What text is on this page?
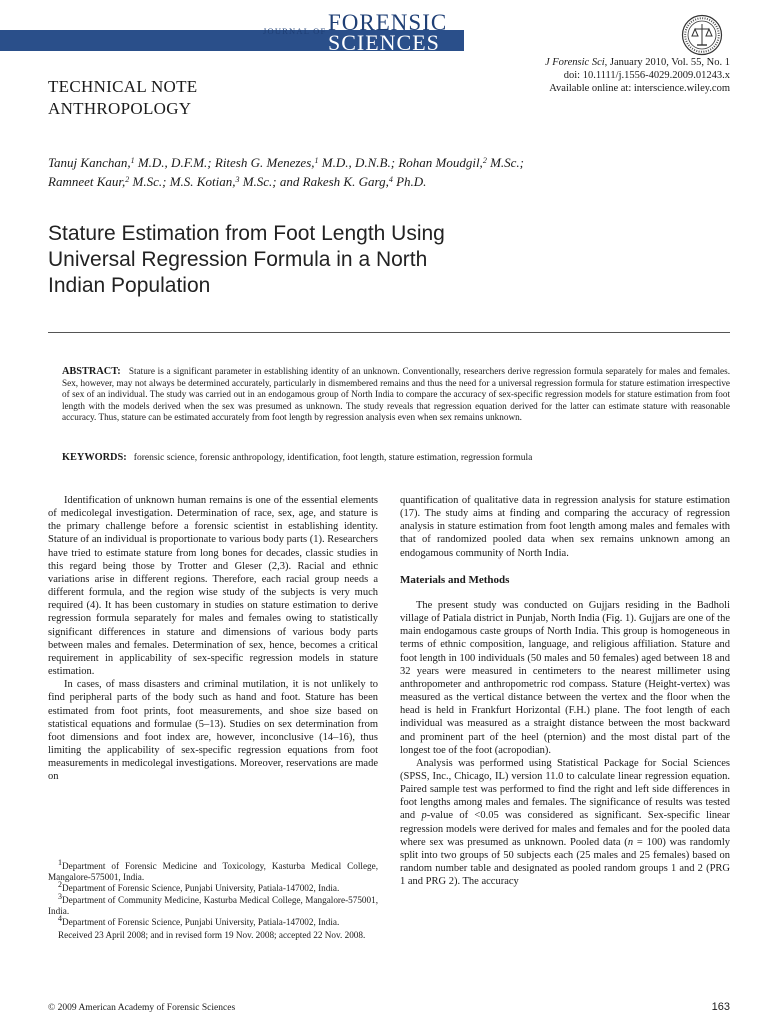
JOURNAL OF FORENSIC
SCIENCES
J Forensic Sci, January 2010, Vol. 55, No. 1
doi: 10.1111/j.1556-4029.2009.01243.x
Available online at: interscience.wiley.com
TECHNICAL NOTE
ANTHROPOLOGY
Tanuj Kanchan,$^1$ M.D., D.F.M.; Ritesh G. Menezes,$^1$ M.D., D.N.B.; Rohan Moudgil,$^2$ M.Sc.;
Ramneet Kaur,$^2$ M.Sc.; M.S. Kotian,$^3$ M.Sc.; and Rakesh K. Garg,$^4$ Ph.D.
Stature Estimation from Foot Length Using
Universal Regression Formula in a North
Indian Population
ABSTRACT: Stature is a significant parameter in establishing identity of an unknown. Conventionally, researchers derive regression formula separately for males and females. Sex, however, may not always be determined accurately, particularly in dismembered remains and thus the need for a universal regression formula for stature estimation irrespective of sex of an individual. The study was carried out in an endogamous group of North India to compare the accuracy of sex-specific regression models for stature estimation from foot length with the models derived when the sex was presumed as unknown. The study reveals that regression equation derived for the latter can estimate stature with reasonable accuracy. Thus, stature can be estimated accurately from foot length by regression analysis even when sex remains unknown.
KEYWORDS: forensic science, forensic anthropology, identification, foot length, stature estimation, regression formula

Identification of unknown human remains is one of the essential elements of medicolegal investigation. Determination of race, sex, age, and stature is the primary challenge before a forensic scientist in establishing identity. Stature of an individual is proportionate to various body parts (1). Researchers have tried to estimate stature from long bones for decades, classic studies in this regard being those by Trotter and Gleser (2,3). Racial and ethnic variations arise in different regions. Therefore, each racial group needs a different formula, and the region wise study of the subjects is very much required (4). It has been customary in studies on stature estimation to derive regression formula separately for males and females owing to statistically significant differences in stature and dimensions of various body parts between males and females. Determination of sex, hence, becomes a critical requirement in applicability of sex-specific regression models in stature estimation.

In cases, of mass disasters and criminal mutilation, it is not unlikely to find peripheral parts of the body such as hand and foot. Stature has been estimated from foot prints, foot measurements, and shoe size based on statistical equations and formulae (5–13). Studies on sex determination from foot dimensions and foot index are, however, inconclusive (14–16), thus limiting the applicability of sex-specific regression equations from foot measurements in medicolegal investigations. Moreover, reservations are made on

$^1$Department of Forensic Medicine and Toxicology, Kasturba Medical College, Mangalore-575001, India.

$^2$Department of Forensic Science, Punjabi University, Patiala-147002, India.

$^3$Department of Community Medicine, Kasturba Medical College, Mangalore-575001, India.

$^4$Department of Forensic Science, Punjabi University, Patiala-147002, India.

Received 23 April 2008; and in revised form 19 Nov. 2008; accepted 22 Nov. 2008.

quantification of qualitative data in regression analysis for stature estimation (17). The study aims at finding and comparing the accuracy of regression analysis in stature estimation from foot length among males and females with that of randomized pooled data when sex remains unknown among an endogamous community of North India.

Materials and Methods

The present study was conducted on Gujjars residing in the Badholi village of Patiala district in Punjab, North India (Fig. 1). Gujjars are one of the main endogamous caste groups of North India. This group is homogeneous in terms of ethnic composition, language, and religious affiliation. Stature and foot length in 100 individuals (50 males and 50 females) aged between 18 and 32 years were measured in centimeters to the nearest millimeter using anthropometer and anthropometric rod compass. Stature (Height-vertex) was measured as the vertical distance between the vertex and the floor when the head is held in Frankfurt Horizontal (F.H.) plane. The foot length of each individual was measured as a straight distance between the most backward and prominent part of the heel (pternion) and the most distal part of the longest toe of the foot (acropodian).

Analysis was performed using Statistical Package for Social Sciences (SPSS, Inc., Chicago, IL) version 11.0 to calculate linear regression equation. Paired sample test was performed to find the right and left side differences in foot lengths among males and females. The significance of results was tested and p-value of <0.05 was considered as significant. Sex-specific linear regression models were derived for males and females and for the pooled data where sex was presumed as unknown. Pooled data (n = 100) was randomly split into two groups of 50 subjects each (25 males and 25 females) based on random number table and designated as pooled random groups 1 and 2 (PRG 1 and PRG 2). The accuracy

© 2009 American Academy of Forensic Sciences	163
